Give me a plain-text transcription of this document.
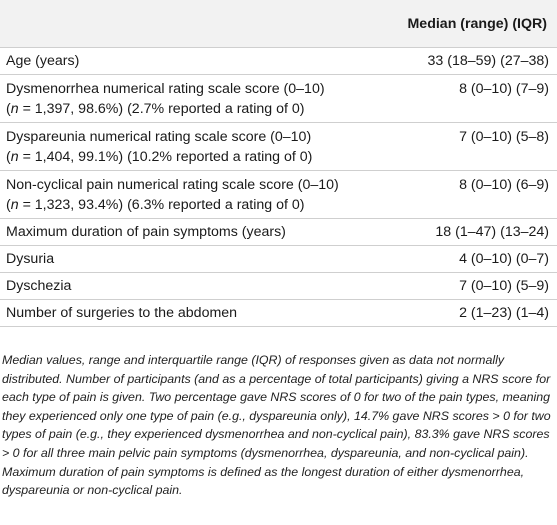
	Median (range) (IQR)
Age (years)	33 (18–59) (27–38)
Dysmenorrhea numerical rating scale score (0–10)
(n = 1,397, 98.6%) (2.7% reported a rating of 0)	8 (0–10) (7–9)
Dyspareunia numerical rating scale score (0–10)
(n = 1,404, 99.1%) (10.2% reported a rating of 0)	7 (0–10) (5–8)
Non-cyclical pain numerical rating scale score (0–10)
(n = 1,323, 93.4%) (6.3% reported a rating of 0)	8 (0–10) (6–9)
Maximum duration of pain symptoms (years)	18 (1–47) (13–24)
Dysuria	4 (0–10) (0–7)
Dyschezia	7 (0–10) (5–9)
Number of surgeries to the abdomen	2 (1–23) (1–4)
Median values, range and interquartile range (IQR) of responses given as data not normally distributed. Number of participants (and as a percentage of total participants) giving a NRS score for each type of pain is given. Two percentage gave NRS scores of 0 for two of the pain types, meaning they experienced only one type of pain (e.g., dyspareunia only), 14.7% gave NRS scores > 0 for two types of pain (e.g., they experienced dysmenorrhea and non-cyclical pain), 83.3% gave NRS scores > 0 for all three main pelvic pain symptoms (dysmenorrhea, dyspareunia, and non-cyclical pain). Maximum duration of pain symptoms is defined as the longest duration of either dysmenorrhea, dyspareunia or non-cyclical pain.
